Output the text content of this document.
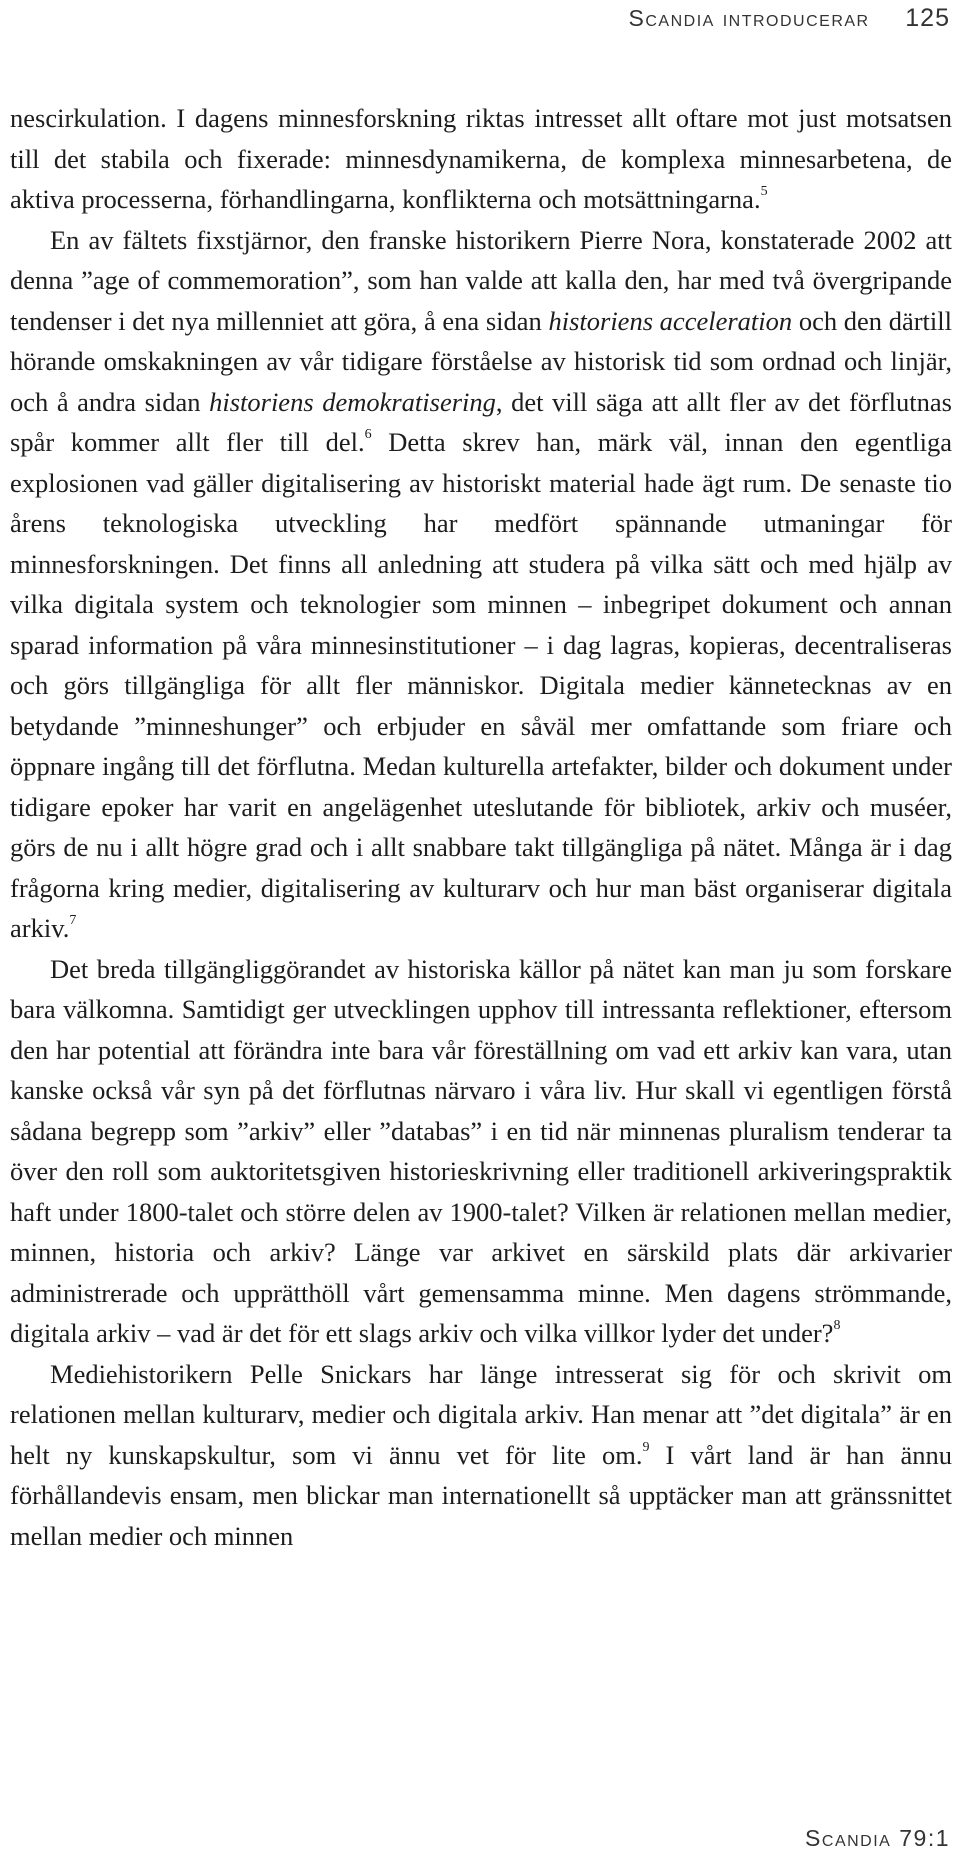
Scandia introducerar 125

nescirkulation. I dagens minnesforskning riktas intresset allt oftare mot just motsatsen till det stabila och fixerade: minnesdynamikerna, de komplexa minnesarbetena, de aktiva processerna, förhandlingarna, konflikterna och motsättningarna.$^5$

En av fältets fixstjärnor, den franske historikern Pierre Nora, konstaterade 2002 att denna ”age of commemoration”, som han valde att kalla den, har med två övergripande tendenser i det nya millenniet att göra, å ena sidan historiens acceleration och den därtill hörande omskakningen av vår tidigare förståelse av historisk tid som ordnad och linjär, och å andra sidan historiens demokratisering, det vill säga att allt fler av det förflutnas spår kommer allt fler till del.$^6$ Detta skrev han, märk väl, innan den egentliga explosionen vad gäller digitalisering av historiskt material hade ägt rum. De senaste tio årens teknologiska utveckling har medfört spännande utmaningar för minnesforskningen. Det finns all anledning att studera på vilka sätt och med hjälp av vilka digitala system och teknologier som minnen – inbegripet dokument och annan sparad information på våra minnesinstitutioner – i dag lagras, kopieras, decentraliseras och görs tillgängliga för allt fler människor. Digitala medier kännetecknas av en betydande ”minneshunger” och erbjuder en såväl mer omfattande som friare och öppnare ingång till det förflutna. Medan kulturella artefakter, bilder och dokument under tidigare epoker har varit en angelägenhet uteslutande för bibliotek, arkiv och muséer, görs de nu i allt högre grad och i allt snabbare takt tillgängliga på nätet. Många är i dag frågorna kring medier, digitalisering av kulturarv och hur man bäst organiserar digitala arkiv.$^7$

Det breda tillgängliggörandet av historiska källor på nätet kan man ju som forskare bara välkomna. Samtidigt ger utvecklingen upphov till intressanta reflektioner, eftersom den har potential att förändra inte bara vår föreställning om vad ett arkiv kan vara, utan kanske också vår syn på det förflutnas närvaro i våra liv. Hur skall vi egentligen förstå sådana begrepp som ”arkiv” eller ”databas” i en tid när minnenas pluralism tenderar ta över den roll som auktoritetsgiven historieskrivning eller traditionell arkiveringspraktik haft under 1800-talet och större delen av 1900-talet? Vilken är relationen mellan medier, minnen, historia och arkiv? Länge var arkivet en särskild plats där arkivarier administrerade och upprätthöll vårt gemensamma minne. Men dagens strömmande, digitala arkiv – vad är det för ett slags arkiv och vilka villkor lyder det under?$^8$

Mediehistorikern Pelle Snickars har länge intresserat sig för och skrivit om relationen mellan kulturarv, medier och digitala arkiv. Han menar att ”det digitala” är en helt ny kunskapskultur, som vi ännu vet för lite om.$^9$ I vårt land är han ännu förhållandevis ensam, men blickar man internationellt så upptäcker man att gränssnittet mellan medier och minnen

Scandia 79:1
